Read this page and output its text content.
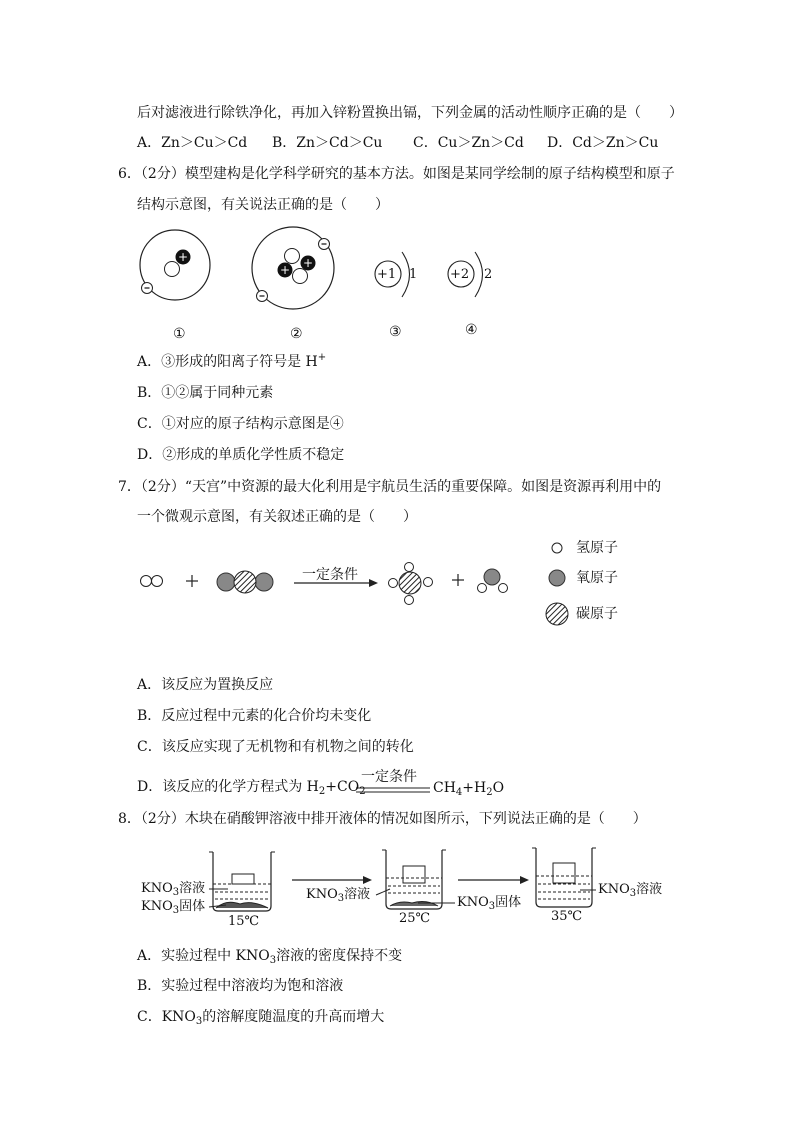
后对滤液进行除铁净化，再加入锌粉置换出镉，下列金属的活动性顺序正确的是（　　）
A．Zn＞Cu＞Cd B．Zn＞Cd＞Cu C．Cu＞Zn＞Cd D．Cd＞Zn＞Cu
6．（2分）模型建构是化学科学研究的基本方法。如图是某同学绘制的原子结构模型和原子
结构示意图，有关说法正确的是（　　）
+	+
+	+1 1	+2 2
①	②	③	④
A．③形成的阳离子符号是 H+
B．①②属于同种元素
C．①对应的原子结构示意图是④
D．②形成的单质化学性质不稳定
7．（2分）“天宫”中资源的最大化利用是宇航员生活的重要保障。如图是资源再利用中的
一个微观示意图，有关叙述正确的是（　　）
一定条件
氢原子
氧原子
碳原子
A．该反应为置换反应
B．反应过程中元素的化合价均未变化
C．该反应实现了无机物和有机物之间的转化
D．该反应的化学方程式为 $H_2+CO_2$
一定条件
$CH_4+H_2O$
8．（2分）木块在硝酸钾溶液中排开液体的情况如图所示，下列说法正确的是（　　）
$KNO_3$溶液
$KNO_3$固体
15℃
$KNO_3$溶液
25℃
$KNO_3$固体
$KNO_3$溶液
35℃
A．实验过程中 $KNO_3$溶液的密度保持不变
B．实验过程中溶液均为饱和溶液
C．$KNO_3$的溶解度随温度的升高而增大
